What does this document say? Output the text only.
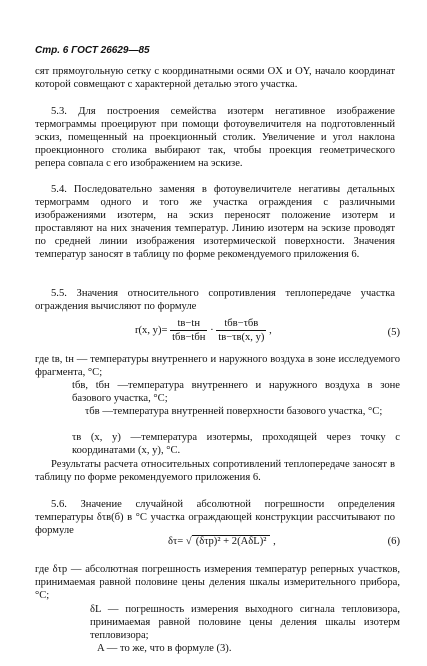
Стр. 6 ГОСТ 26629—85

сят прямоугольную сетку с координатными осями OX и OY, начало координат которой совмещают с характерной деталью этого участка.

5.3. Для построения семейства изотерм негативное изображение термограммы проецируют при помощи фотоувеличителя на подготовленный эскиз, помещенный на проекционный столик. Увеличение и угол наклона проекционного столика выбирают так, чтобы проекция геометрического репера совпала с его изображением на эскизе.

5.4. Последовательно заменяя в фотоувеличителе негативы детальных термограмм одного и того же участка ограждения с различными изображениями изотерм, на эскиз переносят положение изотерм и проставляют на них значения температур. Линию изотерм на эскизе проводят по средней линии изображения изотермической поверхности. Значения температур заносят в таблицу по форме рекомендуемого приложения 6.

5.5. Значения относительного сопротивления теплопередаче участка ограждения вычисляют по формуле

r(x, $y)= \frac{tв-tн}{\text{tбв−tбн}} \cdot \frac{\text{tбв−τбв}}{tв-\tau в(x, y)}$ ,	(5)
где tв, tн — температуры внутреннего и наружного воздуха в зоне исследуемого фрагмента, °С;
tбв, tбн —температура внутреннего и наружного воздуха в зоне базового участка, °С;
τбв —температура внутренней поверхности базового участка, °С;
τв (x, y) —температура изотермы, проходящей через точку с координатами (x, y), °С.

Результаты расчета относительных сопротивлений теплопередаче заносят в таблицу по форме рекомендуемого приложения 6.

5.6. Значение случайной абсолютной погрешности определения температуры δτв(б) в °С участка ограждающей конструкции рассчитывают по формуле

δτ= √ (δτр)² + 2(AδL)² ,	(6)
где δτр — абсолютная погрешность измерения температур реперных участков, принимаемая равной половине цены деления шкалы измерительного прибора, °С;
δL — погрешность измерения выходного сигнала тепловизора, принимаемая равной половине цены деления шкалы изотерм тепловизора;
A — то же, что в формуле (3).
